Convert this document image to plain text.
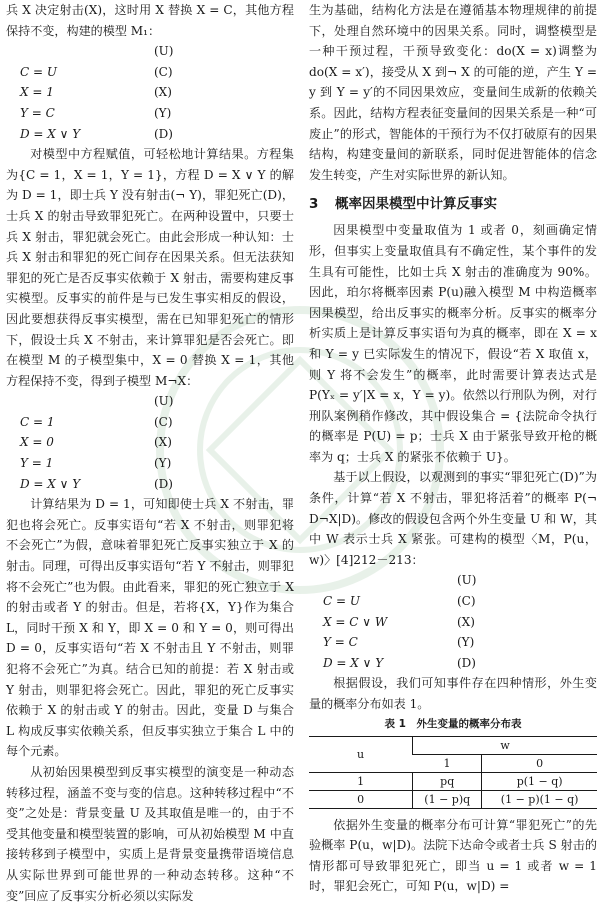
兵 X 决定射击(X)，这时用 X 替换 X = C，其他方程保持不变，构建的模型 M₁：

(U)
C = U	(C)
X = 1	(X)
Y = C	(Y)
D = X ∨ Y	(D)

对模型中方程赋值，可轻松地计算结果。方程集为{C = 1，X = 1，Y = 1}，方程 D = X ∨ Y 的解为 D = 1，即士兵 Y 没有射击(¬ Y)，罪犯死亡(D)，士兵 X 的射击导致罪犯死亡。在两种设置中，只要士兵 X 射击，罪犯就会死亡。由此会形成一种认知：士兵 X 射击和罪犯的死亡间存在因果关系。但无法获知罪犯的死亡是否反事实依赖于 X 射击，需要构建反事实模型。反事实的前件是与已发生事实相反的假设，因此要想获得反事实模型，需在已知罪犯死亡的情形下，假设士兵 X 不射击，来计算罪犯是否会死亡。即在模型 M 的子模型集中，X = 0 替换 X = 1，其他方程保持不变，得到子模型 M¬X：

(U)
C = 1	(C)
X = 0	(X)
Y = 1	(Y)
D = X ∨ Y	(D)

计算结果为 D = 1，可知即使士兵 X 不射击，罪犯也将会死亡。反事实语句“若 X 不射击，则罪犯将不会死亡”为假，意味着罪犯死亡反事实独立于 X 的射击。同理，可得出反事实语句“若 Y 不射击，则罪犯将不会死亡”也为假。由此看来，罪犯的死亡独立于 X 的射击或者 Y 的射击。但是，若将{X，Y}作为集合 L，同时干预 X 和 Y，即 X = 0 和 Y = 0，则可得出 D = 0，反事实语句“若 X 不射击且 Y 不射击，则罪犯将不会死亡”为真。结合已知的前提：若 X 射击或 Y 射击，则罪犯将会死亡。因此，罪犯的死亡反事实依赖于 X 的射击或 Y 的射击。因此，变量 D 与集合 L 构成反事实依赖关系，但反事实独立于集合 L 中的每个元素。

从初始因果模型到反事实模型的演变是一种动态转移过程，涵盖不变与变的信息。这种转移过程中“不变”之处是：背景变量 U 及其取值是唯一的，由于不受其他变量和模型装置的影响，可从初始模型 M 中直接转移到子模型中，实质上是背景变量携带语境信息从实际世界到可能世界的一种动态转移。这种“不变”回应了反事实分析必须以实际发

生为基础，结构化方法是在遵循基本物理规律的前提下，处理自然环境中的因果关系。同时，调整模型是一种干预过程，干预导致变化：do(X = x)调整为 do(X = x′)，接受从 X 到¬ X 的可能的逆，产生 Y = y 到 Y = y′的不同因果效应，变量间生成新的依赖关系。因此，结构方程表征变量间的因果关系是一种“可废止”的形式，智能体的干预行为不仅打破原有的因果结构，构建变量间的新联系，同时促进智能体的信念发生转变，产生对实际世界的新认知。

3 概率因果模型中计算反事实

因果模型中变量取值为 1 或者 0，刻画确定情形，但事实上变量取值具有不确定性，某个事件的发生具有可能性，比如士兵 X 射击的准确度为 90%。因此，珀尔将概率因素 P(u)融入模型 M 中构造概率因果模型，给出反事实的概率分析。反事实的概率分析实质上是计算反事实语句为真的概率，即在 X = x 和 Y = y 已实际发生的情况下，假设“若 X 取值 x，则 Y 将不会发生”的概率，此时需要计算表达式是 P(Yₓ = y′|X = x，Y = y)。依然以行刑队为例，对行刑队案例稍作修改，其中假设集合 = {法院命令执行的概率是 P(U) = p；士兵 X 由于紧张导致开枪的概率为 q；士兵 X 的紧张不依赖于 U}。

基于以上假设，以观测到的事实“罪犯死亡(D)”为条件，计算“若 X 不射击，罪犯将活着”的概率 P(¬ D¬X|D)。修改的假设包含两个外生变量 U 和 W，其中 W 表示士兵 X 紧张。可建构的模型〈M，P(u，w)〉[4]212－213：

(U)
C = U	(C)
X = C ∨ W	(X)
Y = C	(Y)
D = X ∨ Y	(D)

根据假设，我们可知事件存在四种情形，外生变量的概率分布如表 1。

表 1　外生变量的概率分布表
u	w	
	1	0
1	pq	p(1 − q)
0	(1 − p)q	(1 − p)(1 − q)

依据外生变量的概率分布可计算“罪犯死亡”的先验概率 P(u，w|D)。法院下达命令或者士兵 S 射击的情形都可导致罪犯死亡，即当 u = 1 或者 w = 1 时，罪犯会死亡，可知 P(u，w|D) =
